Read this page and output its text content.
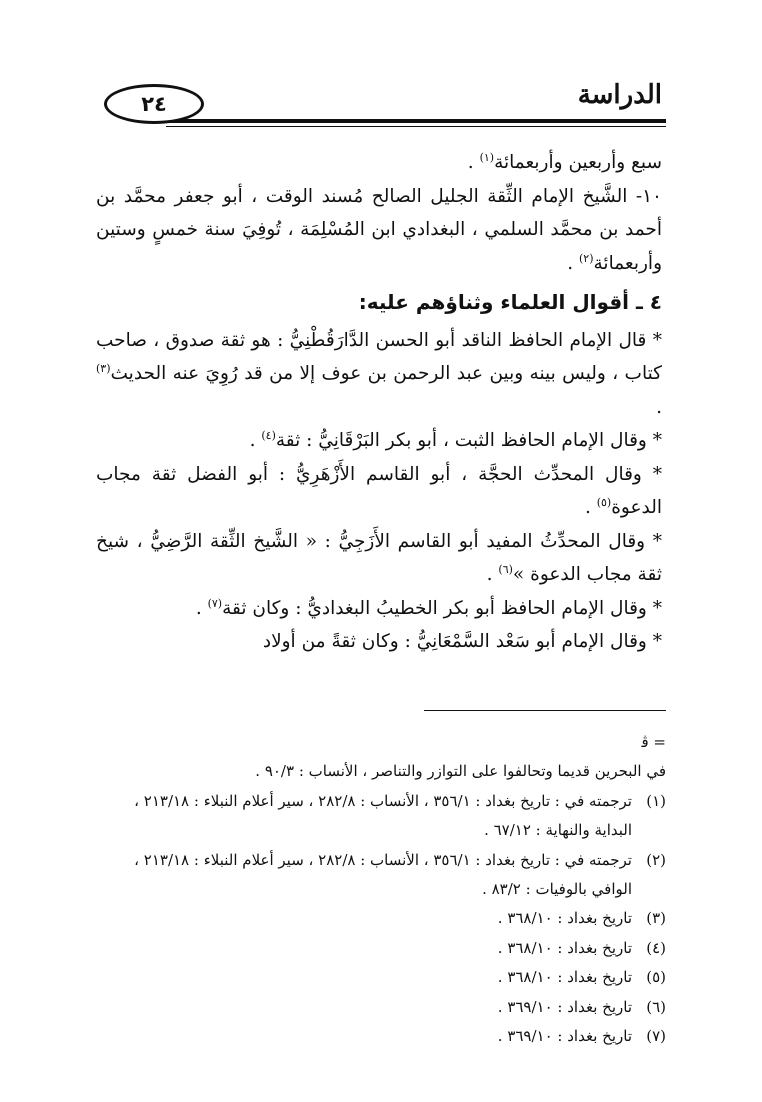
٢٤	الدراسة

سبع وأربعين وأربعمائة$^{(١)}$ .

١٠- الشَّيخ الإمام الثِّقة الجليل الصالح مُسند الوقت ، أبو جعفر محمَّد بن أحمد بن محمَّد السلمي ، البغدادي ابن المُسْلِمَة ، تُوفِيَ سنة خمسٍ وستين وأربعمائة$^{(٢)}$ .

٤ ـ أقوال العلماء وثناؤهم عليه:

* قال الإمام الحافظ الناقد أبو الحسن الدَّارَقُطْنِيُّ : هو ثقة صدوق ، صاحب كتاب ، وليس بينه وبين عبد الرحمن بن عوف إلا من قد رُوِيَ عنه الحديث$^{(٣)}$ .

* وقال الإمام الحافظ الثبت ، أبو بكر البَرْقَانِيُّ : ثقة$^{(٤)}$ .

* وقال المحدِّث الحجَّة ، أبو القاسم الأَزْهَرِيُّ : أبو الفضل ثقة مجاب الدعوة$^{(٥)}$ .

* وقال المحدِّثُ المفيد أبو القاسم الأَزَجِيُّ : « الشَّيخ الثِّقة الرَّضِيُّ ، شيخ ثقة مجاب الدعوة »$^{(٦)}$ .

* وقال الإمام الحافظ أبو بكر الخطيبُ البغداديُّ : وكان ثقة$^{(٧)}$ .

* وقال الإمام أبو سَعْد السَّمْعَانِيُّ : وكان ثقةً من أولاد

= ﭬ

في البحرين قديما وتحالفوا على التوازر والتناصر ، الأنساب : ٩٠/٣ .

(١)
ترجمته في : تاريخ بغداد : ٣٥٦/١ ، الأنساب : ٢٨٢/٨ ، سير أعلام النبلاء : ٢١٣/١٨ ، البداية والنهاية : ٦٧/١٢ .
(٢)
ترجمته في : تاريخ بغداد : ٣٥٦/١ ، الأنساب : ٢٨٢/٨ ، سير أعلام النبلاء : ٢١٣/١٨ ، الوافي بالوفيات : ٨٣/٢ .
(٣)
تاريخ بغداد : ٣٦٨/١٠ .
(٤)
تاريخ بغداد : ٣٦٨/١٠ .
(٥)
تاريخ بغداد : ٣٦٨/١٠ .
(٦)
تاريخ بغداد : ٣٦٩/١٠ .
(٧)
تاريخ بغداد : ٣٦٩/١٠ .
